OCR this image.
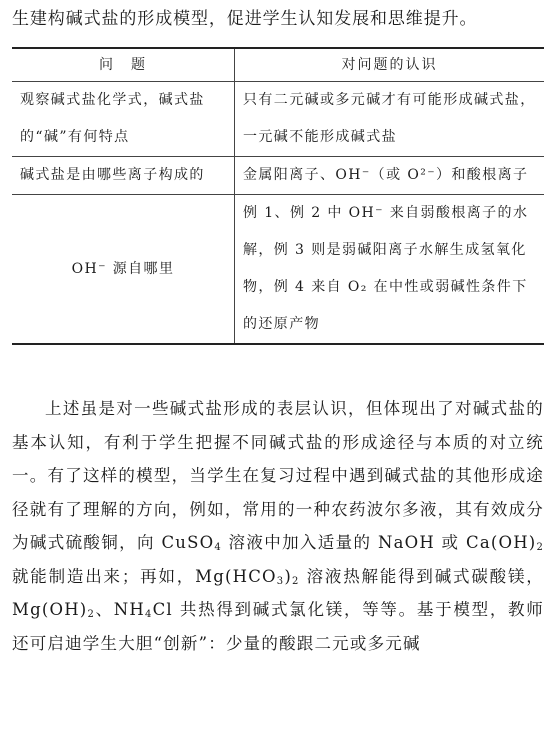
生建构碱式盐的形成模型，促进学生认知发展和思维提升。
问　题	对问题的认识

观察碱式盐化学式，碱式盐的“碱”有何特点	只有二元碱或多元碱才有可能形成碱式盐，一元碱不能形成碱式盐

碱式盐是由哪些离子构成的	金属阳离子、OH⁻（或 O²⁻）和酸根离子

OH⁻ 源自哪里	例 1、例 2 中 OH⁻ 来自弱酸根离子的水解，例 3 则是弱碱阳离子水解生成氢氧化物，例 4 来自 O₂ 在中性或弱碱性条件下的还原产物
上述虽是对一些碱式盐形成的表层认识，但体现出了对碱式盐的基本认知，有利于学生把握不同碱式盐的形成途径与本质的对立统一。有了这样的模型，当学生在复习过程中遇到碱式盐的其他形成途径就有了理解的方向，例如，常用的一种农药波尔多液，其有效成分为碱式硫酸铜，向 CuSO$_4$ 溶液中加入适量的 NaOH 或 $Ca(OH)_2$ 就能制造出来；再如，$Mg(HCO_3)_2$ 溶液热解能得到碱式碳酸镁，$Mg(OH)_2$、$NH_4Cl$ 共热得到碱式氯化镁，等等。基于模型，教师还可启迪学生大胆“创新”：少量的酸跟二元或多元碱
